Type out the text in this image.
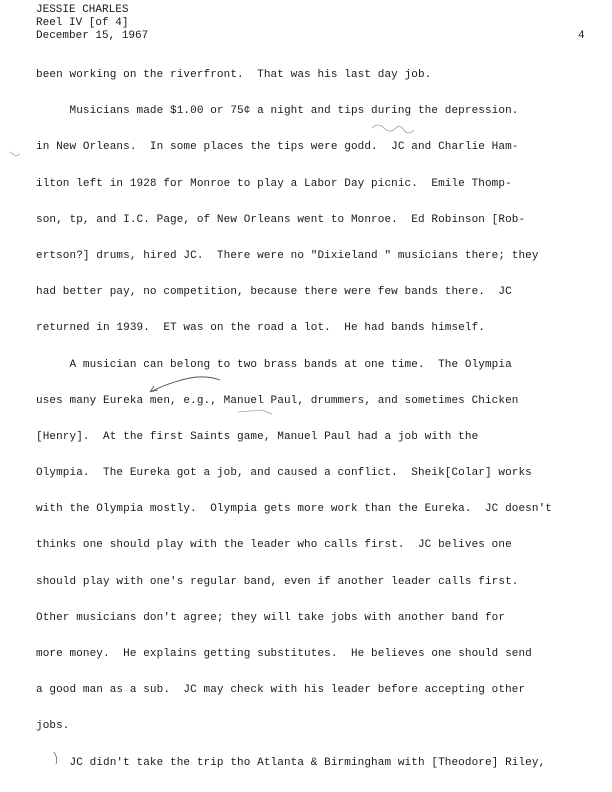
JESSIE CHARLES
Reel IV [of 4]
December 15, 1967	4
been working on the riverfront.  That was his last day job.
Musicians made $1.00 or 75¢ a night and tips during the depression.
in New Orleans.  In some places the tips were godd.  JC and Charlie Ham-
ilton left in 1928 for Monroe to play a Labor Day picnic.  Emile Thomp-
son, tp, and I.C. Page, of New Orleans went to Monroe.  Ed Robinson [Rob-
ertson?] drums, hired JC.  There were no "Dixieland " musicians there; they
had better pay, no competition, because there were few bands there.  JC
returned in 1939.  ET was on the road a lot.  He had bands himself.
A musician can belong to two brass bands at one time.  The Olympia
uses many Eureka men, e.g., Manuel Paul, drummers, and sometimes Chicken
[Henry].  At the first Saints game, Manuel Paul had a job with the
Olympia.  The Eureka got a job, and caused a conflict.  Sheik[Colar] works
with the Olympia mostly.  Olympia gets more work than the Eureka.  JC doesn't
thinks one should play with the leader who calls first.  JC belives one
should play with one's regular band, even if another leader calls first.
Other musicians don't agree; they will take jobs with another band for
more money.  He explains getting substitutes.  He believes one should send
a good man as a sub.  JC may check with his leader before accepting other
jobs.
JC didn't take the trip tho Atlanta & Birmingham with [Theodore] Riley,
